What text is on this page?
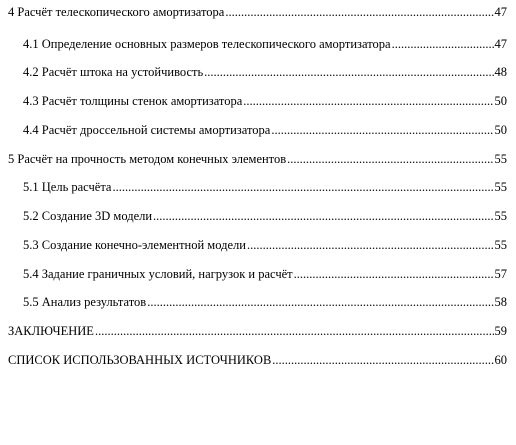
4 Расчёт телескопического амортизатора .....	47
4.1 Определение основных размеров телескопического амортизатора .....	47
4.2 Расчёт штока на устойчивость .....	48
4.3 Расчёт толщины стенок амортизатора .....	50
4.4 Расчёт дроссельной системы амортизатора .....	50
5 Расчёт на прочность методом конечных элементов .....	55
5.1 Цель расчёта .....	55
5.2 Создание 3D модели .....	55
5.3 Создание конечно-элементной модели .....	55
5.4 Задание граничных условий, нагрузок и расчёт .....	57
5.5 Анализ результатов .....	58
ЗАКЛЮЧЕНИЕ .....	59
СПИСОК ИСПОЛЬЗОВАННЫХ ИСТОЧНИКОВ .....	60
